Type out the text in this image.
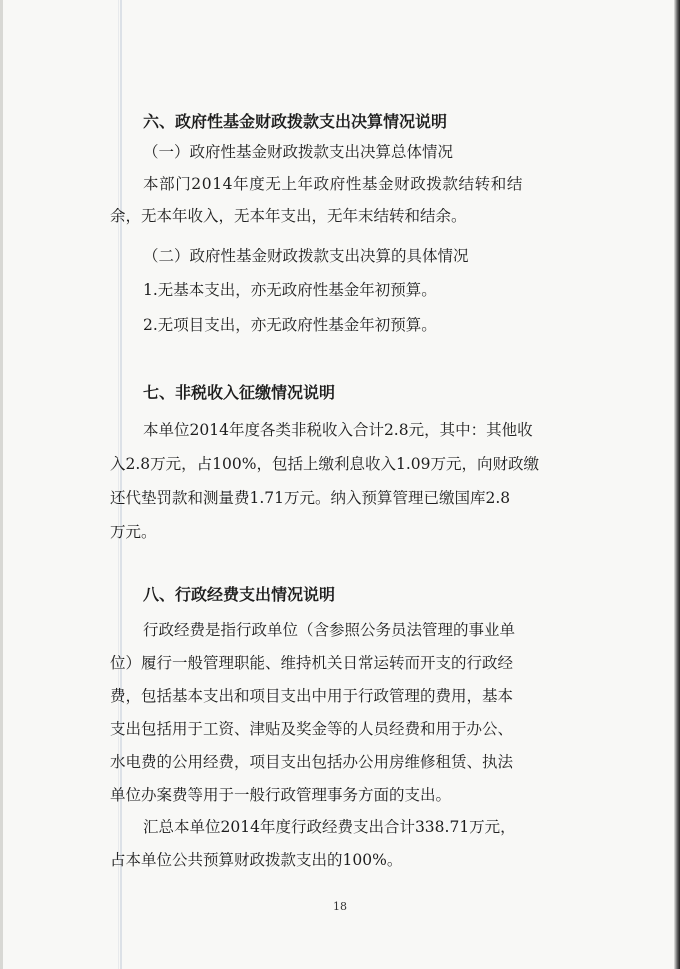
六、政府性基金财政拨款支出决算情况说明
（一）政府性基金财政拨款支出决算总体情况
本部门2014年度无上年政府性基金财政拨款结转和结
余，无本年收入，无本年支出，无年末结转和结余。
（二）政府性基金财政拨款支出决算的具体情况
1.无基本支出，亦无政府性基金年初预算。
2.无项目支出，亦无政府性基金年初预算。
七、非税收入征缴情况说明
本单位2014年度各类非税收入合计2.8元，其中：其他收
入2.8万元，占100%，包括上缴利息收入1.09万元，向财政缴
还代垫罚款和测量费1.71万元。纳入预算管理已缴国库2.8
万元。
八、行政经费支出情况说明
行政经费是指行政单位（含参照公务员法管理的事业单
位）履行一般管理职能、维持机关日常运转而开支的行政经
费，包括基本支出和项目支出中用于行政管理的费用，基本
支出包括用于工资、津贴及奖金等的人员经费和用于办公、
水电费的公用经费，项目支出包括办公用房维修租赁、执法
单位办案费等用于一般行政管理事务方面的支出。
汇总本单位2014年度行政经费支出合计338.71万元，
占本单位公共预算财政拨款支出的100%。
18
